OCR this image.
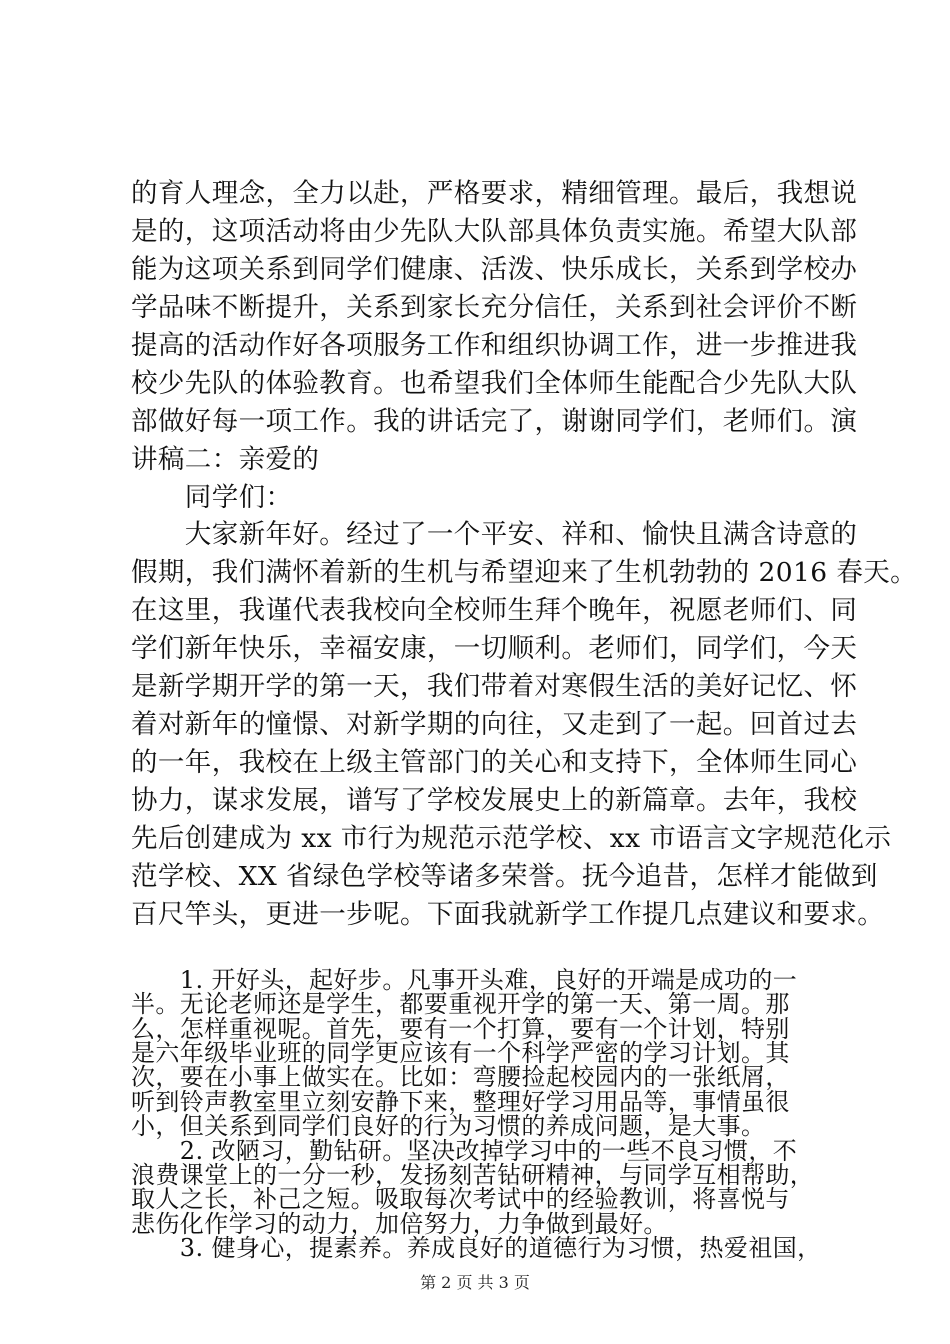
的育人理念，全力以赴，严格要求，精细管理。最后，我想说
是的，这项活动将由少先队大队部具体负责实施。希望大队部
能为这项关系到同学们健康、活泼、快乐成长，关系到学校办
学品味不断提升，关系到家长充分信任，关系到社会评价不断
提高的活动作好各项服务工作和组织协调工作，进一步推进我
校少先队的体验教育。也希望我们全体师生能配合少先队大队
部做好每一项工作。我的讲话完了，谢谢同学们，老师们。演
讲稿二：亲爱的
　　同学们：
　　大家新年好。经过了一个平安、祥和、愉快且满含诗意的
假期，我们满怀着新的生机与希望迎来了生机勃勃的 2016 春天。
在这里，我谨代表我校向全校师生拜个晚年，祝愿老师们、同
学们新年快乐，幸福安康，一切顺利。老师们，同学们，今天
是新学期开学的第一天，我们带着对寒假生活的美好记忆、怀
着对新年的憧憬、对新学期的向往，又走到了一起。回首过去
的一年，我校在上级主管部门的关心和支持下，全体师生同心
协力，谋求发展，谱写了学校发展史上的新篇章。去年，我校
先后创建成为 xx 市行为规范示范学校、xx 市语言文字规范化示
范学校、XX 省绿色学校等诸多荣誉。抚今追昔，怎样才能做到
百尺竿头，更进一步呢。下面我就新学工作提几点建议和要求。
　　1. 开好头，起好步。凡事开头难，良好的开端是成功的一
半。无论老师还是学生，都要重视开学的第一天、第一周。那
么，怎样重视呢。首先，要有一个打算，要有一个计划，特别
是六年级毕业班的同学更应该有一个科学严密的学习计划。其
次，要在小事上做实在。比如：弯腰捡起校园内的一张纸屑，
听到铃声教室里立刻安静下来，整理好学习用品等，事情虽很
小，但关系到同学们良好的行为习惯的养成问题，是大事。
　　2. 改陋习，勤钻研。坚决改掉学习中的一些不良习惯，不
浪费课堂上的一分一秒，发扬刻苦钻研精神，与同学互相帮助，
取人之长，补己之短。吸取每次考试中的经验教训，将喜悦与
悲伤化作学习的动力，加倍努力，力争做到最好。
　　3. 健身心，提素养。养成良好的道德行为习惯，热爱祖国，
第 2 页 共 3 页
